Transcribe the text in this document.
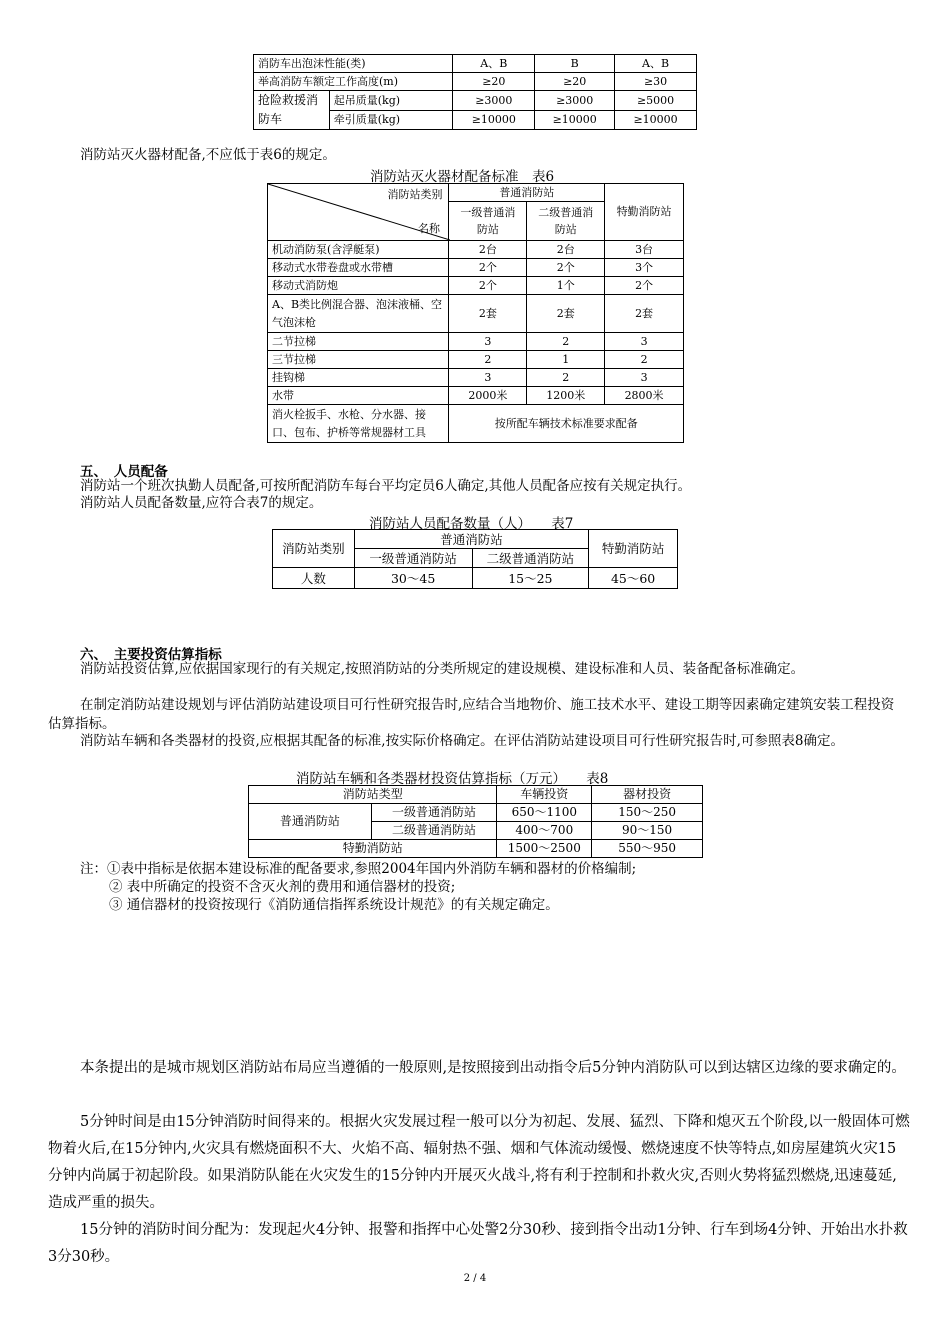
消防车出泡沫性能(类)		A、B	B	A、B
举高消防车额定工作高度(m)		≥20	≥20	≥30
抢险救援消防车	起吊质量(kg)	≥3000	≥3000	≥5000
	牵引质量(kg)	≥10000	≥10000	≥10000
消防站灭火器材配备,不应低于表6的规定。
消防站灭火器材配备标准　表6
消防站类别
名称	普通消防站		特勤消防站
	一级普通消防站	二级普通消防站	
机动消防泵(含浮艇泵)	2台	2台	3台
移动式水带卷盘或水带槽	2个	2个	3个
移动式消防炮	2个	1个	2个
A、B类比例混合器、泡沫液桶、空气泡沫枪	2套	2套	2套
二节拉梯	3	2	3
三节拉梯	2	1	2
挂钩梯	3	2	3
水带	2000米	1200米	2800米
消火栓扳手、水枪、分水器、接口、包布、护桥等常规器材工具	按所配车辆技术标准要求配备		
五、　人员配备
消防站一个班次执勤人员配备,可按所配消防车每台平均定员6人确定,其他人员配备应按有关规定执行。
消防站人员配备数量,应符合表7的规定。
消防站人员配备数量（人）　　表7
消防站类别	普通消防站		特勤消防站
	一级普通消防站	二级普通消防站	
人数	30～45	15～25	45～60
六、　主要投资估算指标
消防站投资估算,应依据国家现行的有关规定,按照消防站的分类所规定的建设规模、建设标准和人员、装备配备标准确定。
在制定消防站建设规划与评估消防站建设项目可行性研究报告时,应结合当地物价、施工技术水平、建设工期等因素确定建筑安装工程投资估算指标。
消防站车辆和各类器材的投资,应根据其配备的标准,按实际价格确定。在评估消防站建设项目可行性研究报告时,可参照表8确定。
消防站车辆和各类器材投资估算指标（万元）　　表8
消防站类型		车辆投资	器材投资
普通消防站	一级普通消防站	650～1100	150～250
	二级普通消防站	400～700	90～150
特勤消防站		1500～2500	550～950
注：①表中指标是依据本建设标准的配备要求,参照2004年国内外消防车辆和器材的价格编制;
② 表中所确定的投资不含灭火剂的费用和通信器材的投资;
③ 通信器材的投资按现行《消防通信指挥系统设计规范》的有关规定确定。
本条提出的是城市规划区消防站布局应当遵循的一般原则,是按照接到出动指令后5分钟内消防队可以到达辖区边缘的要求确定的。
5分钟时间是由15分钟消防时间得来的。根据火灾发展过程一般可以分为初起、发展、猛烈、下降和熄灭五个阶段,以一般固体可燃物着火后,在15分钟内,火灾具有燃烧面积不大、火焰不高、辐射热不强、烟和气体流动缓慢、燃烧速度不快等特点,如房屋建筑火灾15分钟内尚属于初起阶段。如果消防队能在火灾发生的15分钟内开展灭火战斗,将有利于控制和扑救火灾,否则火势将猛烈燃烧,迅速蔓延,造成严重的损失。
15分钟的消防时间分配为：发现起火4分钟、报警和指挥中心处警2分30秒、接到指令出动1分钟、行车到场4分钟、开始出水扑救3分30秒。
2 / 4
